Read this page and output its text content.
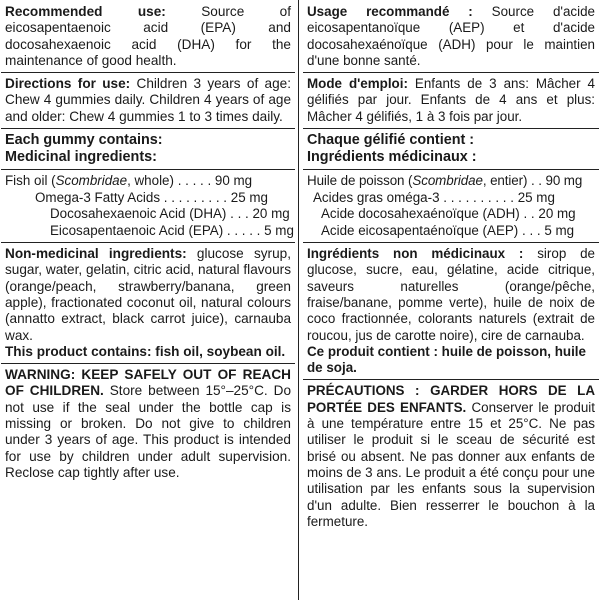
Recommended use: Source of eicosapentaenoic acid (EPA) and docosahexaenoic acid (DHA) for the maintenance of good health.

Directions for use: Children 3 years of age: Chew 4 gummies daily. Children 4 years of age and older: Chew 4 gummies 1 to 3 times daily.

Each gummy contains:

Medicinal ingredients:

Fish oil (Scombridae, whole) . . . . . 90 mg
Omega-3 Fatty Acids . . . . . . . . . 25 mg
Docosahexaenoic Acid (DHA) . . . 20 mg
Eicosapentaenoic Acid (EPA) . . . . . 5 mg

Non-medicinal ingredients: glucose syrup, sugar, water, gelatin, citric acid, natural flavours (orange/peach, strawberry/banana, green apple), fractionated coconut oil, natural colours (annatto extract, black carrot juice), carnauba wax.

This product contains: fish oil, soybean oil.

WARNING: KEEP SAFELY OUT OF REACH OF CHILDREN. Store between 15°–25°C. Do not use if the seal under the bottle cap is missing or broken. Do not give to children under 3 years of age. This product is intended for use by children under adult supervision. Reclose cap tightly after use.

Usage recommandé : Source d'acide eicosapentanoïque (AEP) et d'acide docosahexaénoïque (ADH) pour le maintien d'une bonne santé.

Mode d'emploi: Enfants de 3 ans: Mâcher 4 gélifiés par jour. Enfants de 4 ans et plus: Mâcher 4 gélifiés, 1 à 3 fois par jour.

Chaque gélifié contient :

Ingrédients médicinaux :

Huile de poisson (Scombridae, entier) . . 90 mg
Acides gras oméga-3 . . . . . . . . . . 25 mg
Acide docosahexaénoïque (ADH) . . 20 mg
Acide eicosapentaénoïque (AEP) . . . 5 mg

Ingrédients non médicinaux : sirop de glucose, sucre, eau, gélatine, acide citrique, saveurs naturelles (orange/pêche, fraise/banane, pomme verte), huile de noix de coco fractionnée, colorants naturels (extrait de roucou, jus de carotte noire), cire de carnauba.

Ce produit contient : huile de poisson, huile de soja.

PRÉCAUTIONS : GARDER HORS DE LA PORTÉE DES ENFANTS. Conserver le produit à une température entre 15 et 25°C. Ne pas utiliser le produit si le sceau de sécurité est brisé ou absent. Ne pas donner aux enfants de moins de 3 ans. Le produit a été conçu pour une utilisation par les enfants sous la supervision d'un adulte. Bien resserrer le bouchon à la fermeture.
